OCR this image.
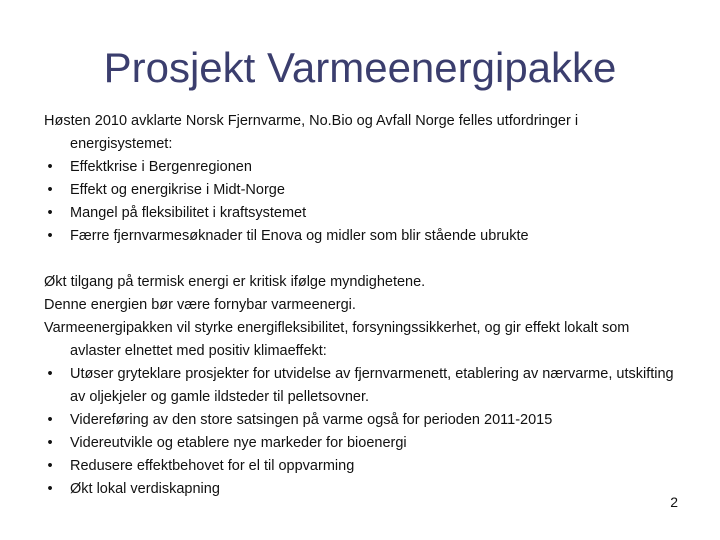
Prosjekt Varmeenergipakke

Høsten 2010 avklarte Norsk Fjernvarme, No.Bio og Avfall Norge felles utfordringer i energisystemet:

• Effektkrise i Bergenregionen
• Effekt og energikrise i Midt-Norge
• Mangel på fleksibilitet i kraftsystemet
• Færre fjernvarmesøknader til Enova og midler som blir stående ubrukte

Økt tilgang på termisk energi er kritisk ifølge myndighetene.

Denne energien bør være fornybar varmeenergi.

Varmeenergipakken vil styrke energifleksibilitet, forsyningssikkerhet, og gir effekt lokalt som avlaster elnettet med positiv klimaeffekt:

• Utøser gryteklare prosjekter for utvidelse av fjernvarmenett, etablering av nærvarme, utskifting av oljekjeler og gamle ildsteder til pelletsovner.
• Videreføring av den store satsingen på varme også for perioden 2011-2015
• Videreutvikle og etablere nye markeder for bioenergi
• Redusere effektbehovet for el til oppvarming
• Økt lokal verdiskapning
2
